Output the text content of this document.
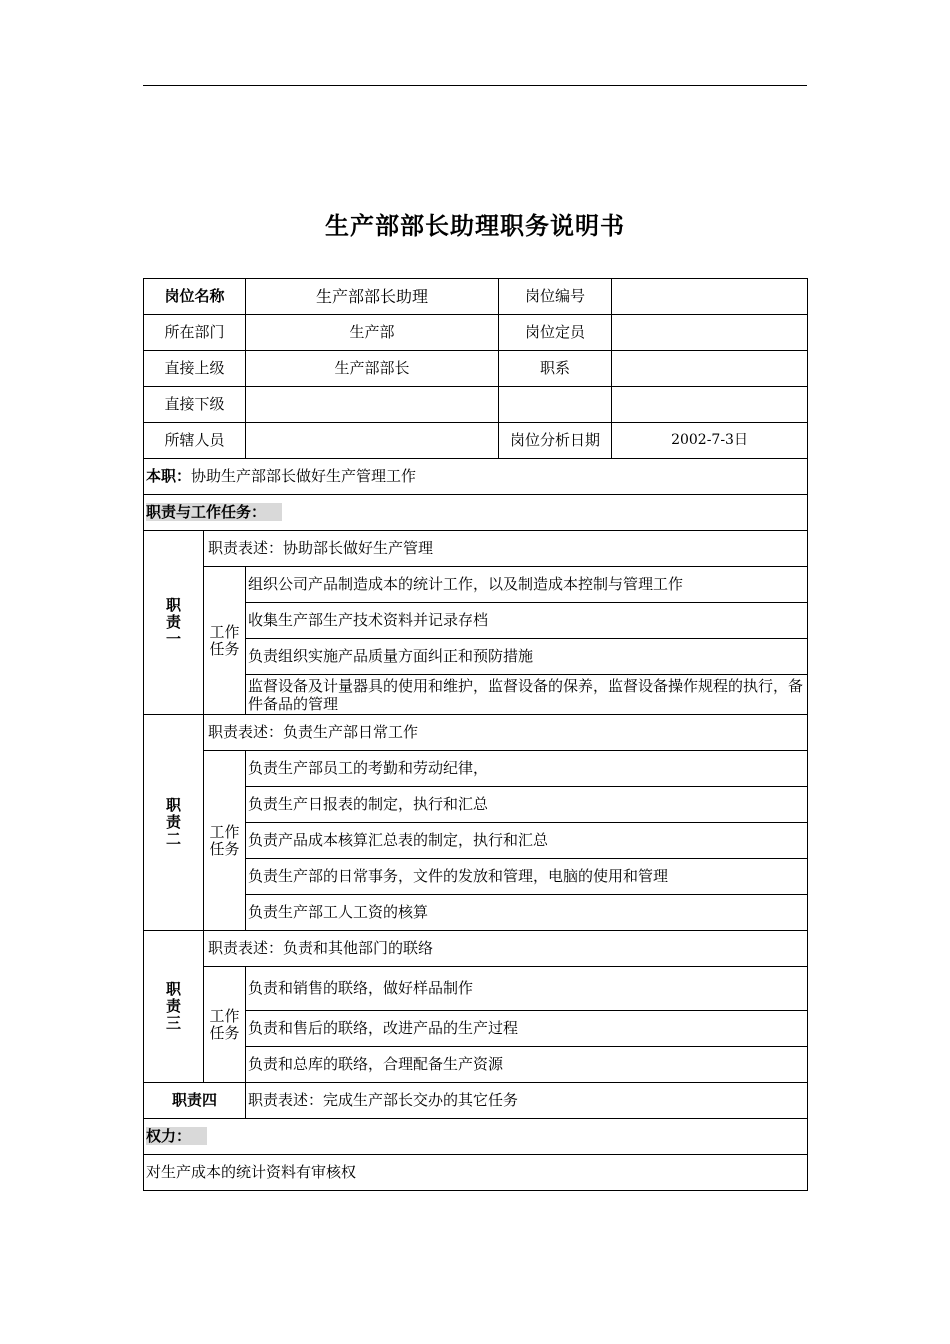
生产部部长助理职务说明书
岗位名称		生产部部长助理	岗位编号	
所在部门		生产部	岗位定员	
直接上级		生产部部长	职系	
直接下级				
所辖人员			岗位分析日期	2002-7-3日
本职：协助生产部部长做好生产管理工作				
职责与工作任务：				
职
责
一	职责表述：协助部长做好生产管理			
	工作
任务	组织公司产品制造成本的统计工作，以及制造成本控制与管理工作		
		收集生产部生产技术资料并记录存档		
		负责组织实施产品质量方面纠正和预防措施		
		监督设备及计量器具的使用和维护，监督设备的保养，监督设备操作规程的执行，备件备品的管理		
职
责
二	职责表述：负责生产部日常工作			
	工作
任务	负责生产部员工的考勤和劳动纪律，		
		负责生产日报表的制定，执行和汇总		
		负责产品成本核算汇总表的制定，执行和汇总		
		负责生产部的日常事务，文件的发放和管理，电脑的使用和管理		
		负责生产部工人工资的核算		
职
责
三	职责表述：负责和其他部门的联络			
	工作
任务	负责和销售的联络，做好样品制作		
		负责和售后的联络，改进产品的生产过程		
		负责和总库的联络，合理配备生产资源		
职责四		职责表述：完成生产部长交办的其它任务		
权力：				
对生产成本的统计资料有审核权				
